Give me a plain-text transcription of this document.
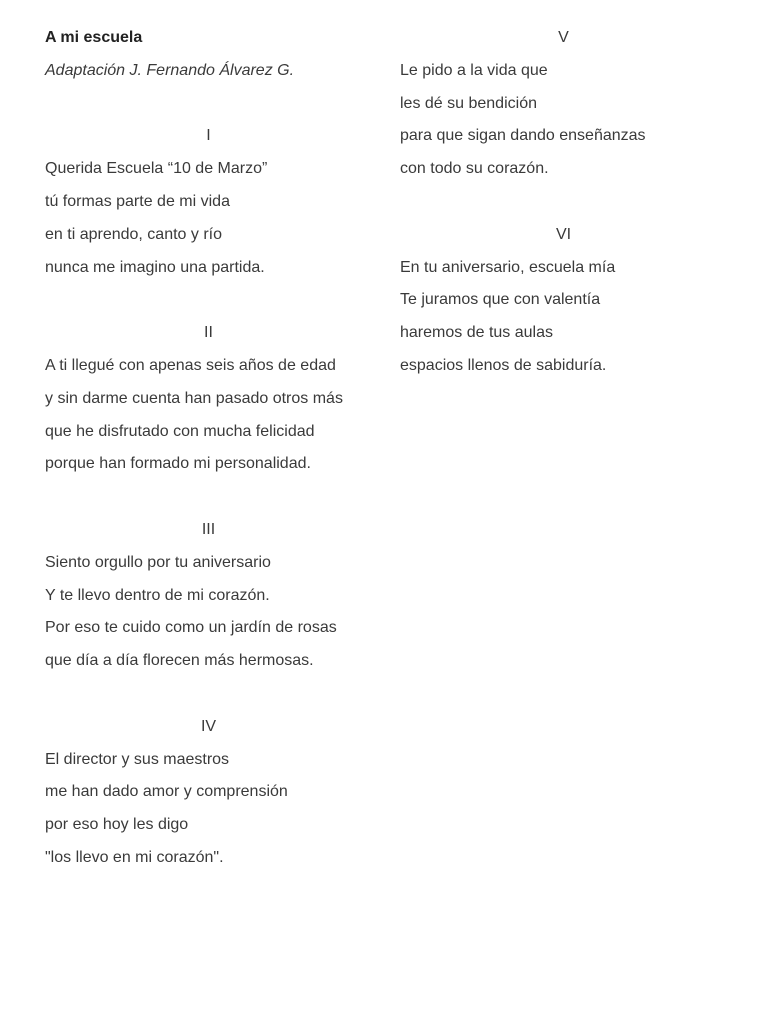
A mi escuela
Adaptación J. Fernando Álvarez G.
I
Querida Escuela “10 de Marzo”
tú formas parte de mi vida
en ti aprendo, canto y río
nunca me imagino una partida.
II
A ti llegué con apenas seis años de edad
y sin darme cuenta han pasado otros más
que he disfrutado con mucha felicidad
porque han formado mi personalidad.
III
Siento orgullo por tu aniversario
Y te llevo dentro de mi corazón.
Por eso te cuido como un jardín de rosas
que día a día florecen más hermosas.
IV
El director y sus maestros
me han dado amor y comprensión
por eso hoy les digo
"los llevo en mi corazón".
V
Le pido a la vida que
les dé su bendición
para que sigan dando enseñanzas
con todo su corazón.
VI
En tu aniversario, escuela mía
Te juramos que con valentía
haremos de tus aulas
espacios llenos de sabiduría.
